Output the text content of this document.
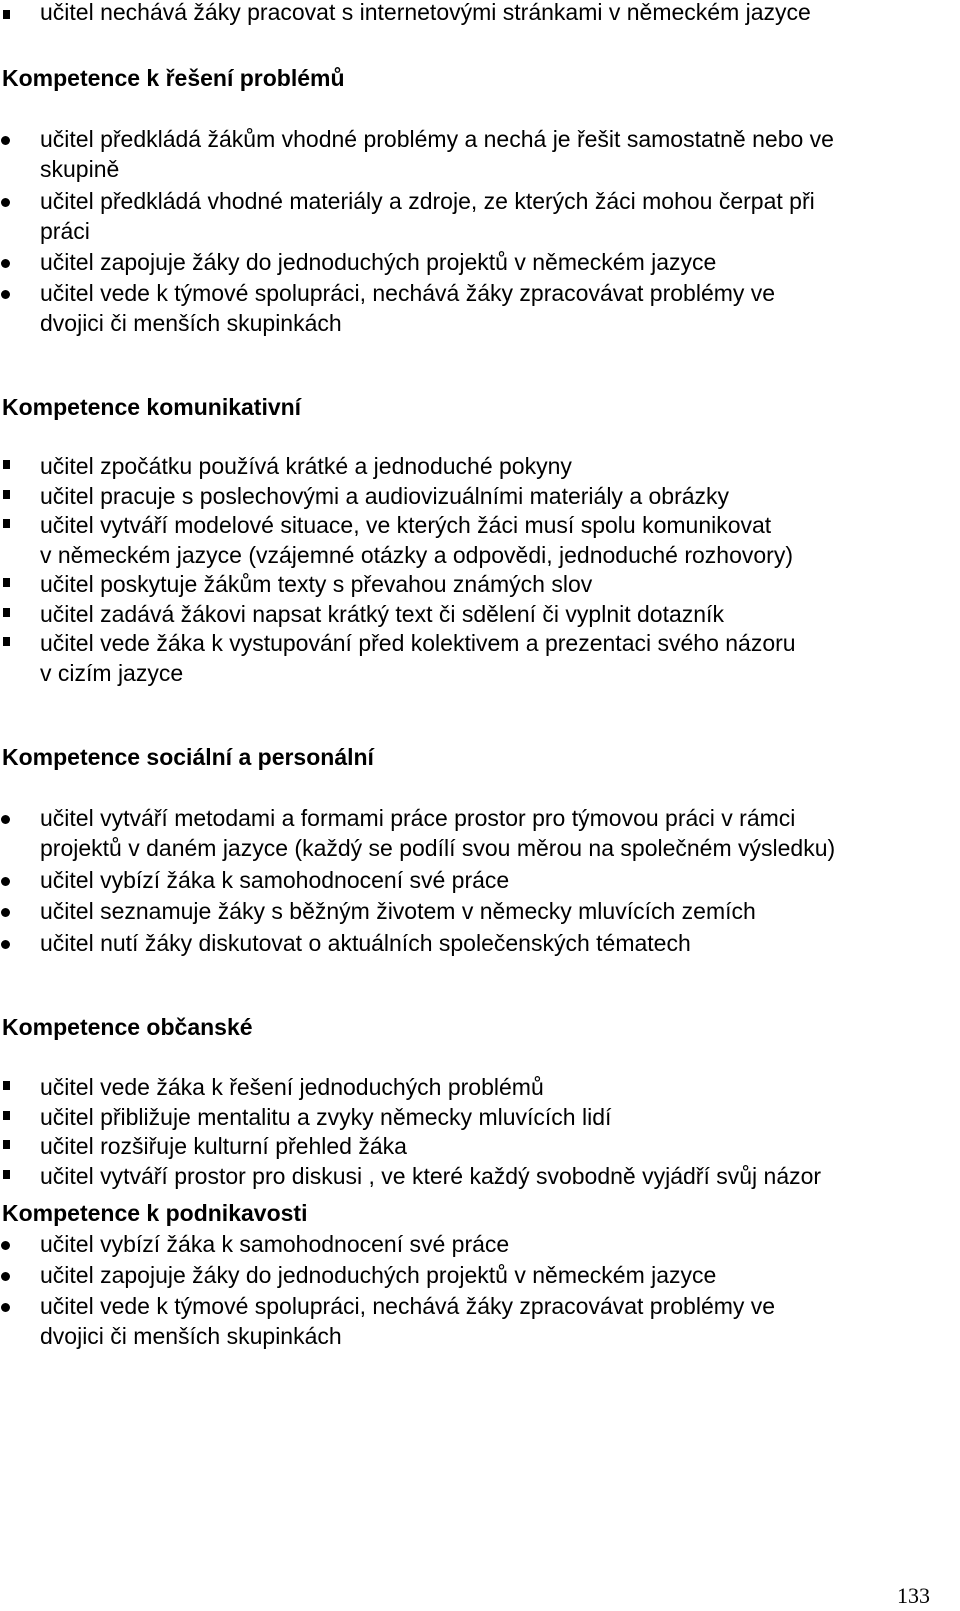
učitel nechává žáky pracovat s internetovými stránkami v německém jazyce
Kompetence k řešení problémů
učitel předkládá žákům vhodné problémy a nechá je řešit samostatně nebo ve
skupině
učitel předkládá vhodné materiály a zdroje, ze kterých žáci mohou čerpat při
práci
učitel zapojuje žáky do jednoduchých projektů v německém jazyce
učitel vede k týmové spolupráci, nechává žáky zpracovávat problémy ve
dvojici či menších skupinkách
Kompetence komunikativní
učitel zpočátku používá krátké a jednoduché pokyny
učitel pracuje s poslechovými a audiovizuálními materiály a obrázky
učitel vytváří modelové situace, ve kterých žáci musí spolu komunikovat
v německém jazyce (vzájemné otázky a odpovědi, jednoduché rozhovory)
učitel poskytuje žákům texty s převahou známých slov
učitel zadává žákovi napsat krátký text či sdělení či vyplnit dotazník
učitel vede žáka k vystupování před kolektivem a prezentaci svého názoru
v cizím jazyce
Kompetence sociální a personální
učitel vytváří metodami a formami práce prostor pro týmovou práci v rámci
projektů v daném jazyce (každý se podílí svou měrou na společném výsledku)
učitel vybízí žáka k samohodnocení své práce
učitel seznamuje žáky s běžným životem v německy mluvících zemích
učitel nutí žáky diskutovat o aktuálních společenských tématech
Kompetence občanské
učitel vede žáka k řešení jednoduchých problémů
učitel přibližuje mentalitu a zvyky německy mluvících lidí
učitel rozšiřuje kulturní přehled žáka
učitel vytváří prostor pro diskusi , ve které každý svobodně vyjádří svůj názor
Kompetence k podnikavosti
učitel vybízí žáka k samohodnocení své práce
učitel zapojuje žáky do jednoduchých projektů v německém jazyce
učitel vede k týmové spolupráci, nechává žáky zpracovávat problémy ve
dvojici či menších skupinkách
133
